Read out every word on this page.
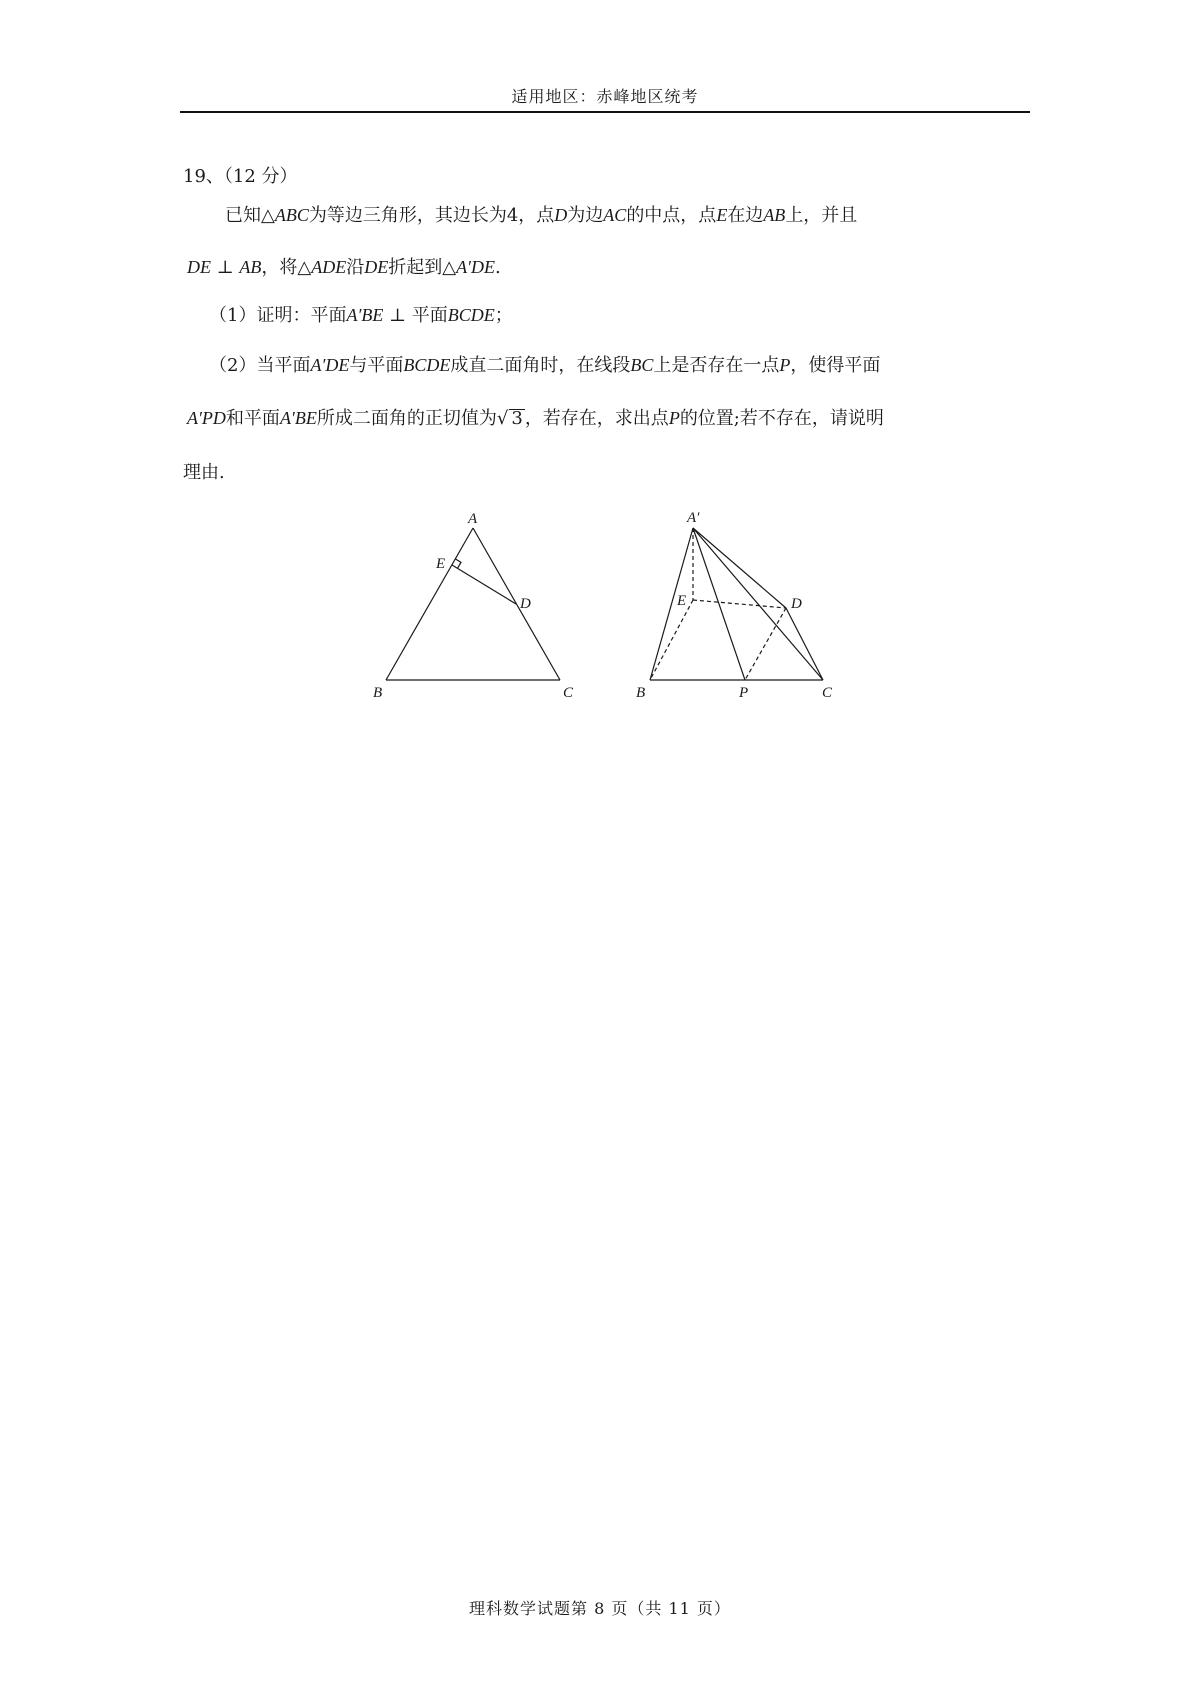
适用地区：赤峰地区统考
19、（12 分）
已知△ABC为等边三角形，其边长为4，点D为边AC的中点，点E在边AB上，并且
DE ⊥ AB，将△ADE沿DE折起到△A′DE.
（1）证明：平面A′BE ⊥ 平面BCDE；
（2）当平面A′DE与平面BCDE成直二面角时，在线段BC上是否存在一点P，使得平面
A′PD和平面A′BE所成二面角的正切值为√ 3 ，若存在，求出点P的位置;若不存在，请说明
理由.
A
E
D
B	C
A′
E	D
B	P	C
理科数学试题第 8 页（共 11 页）
